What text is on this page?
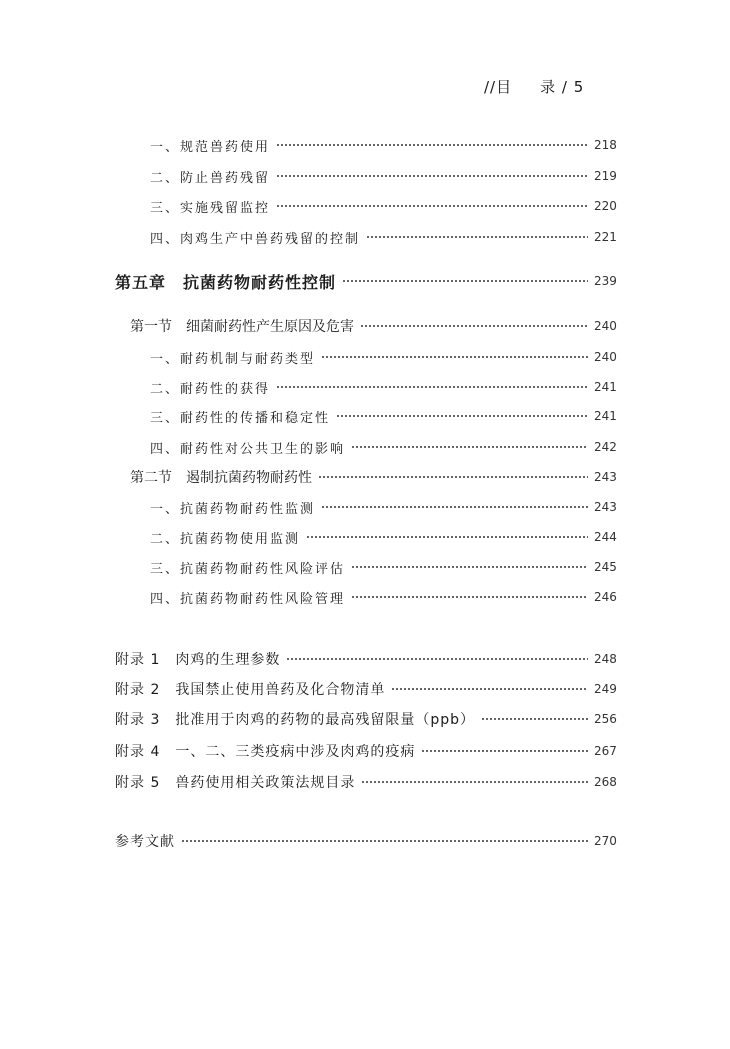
//目 录 / 5
一、规范兽药使用	218
二、防止兽药残留	219
三、实施残留监控	220
四、肉鸡生产中兽药残留的控制	221
第五章　抗菌药物耐药性控制	239
第一节　细菌耐药性产生原因及危害	240
一、耐药机制与耐药类型	240
二、耐药性的获得	241
三、耐药性的传播和稳定性	241
四、耐药性对公共卫生的影响	242
第二节　遏制抗菌药物耐药性	243
一、抗菌药物耐药性监测	243
二、抗菌药物使用监测	244
三、抗菌药物耐药性风险评估	245
四、抗菌药物耐药性风险管理	246
附录 1　肉鸡的生理参数	248
附录 2　我国禁止使用兽药及化合物清单	249
附录 3　批准用于肉鸡的药物的最高残留限量（ppb）	256
附录 4　一、二、三类疫病中涉及肉鸡的疫病	267
附录 5　兽药使用相关政策法规目录	268
参考文献	270
